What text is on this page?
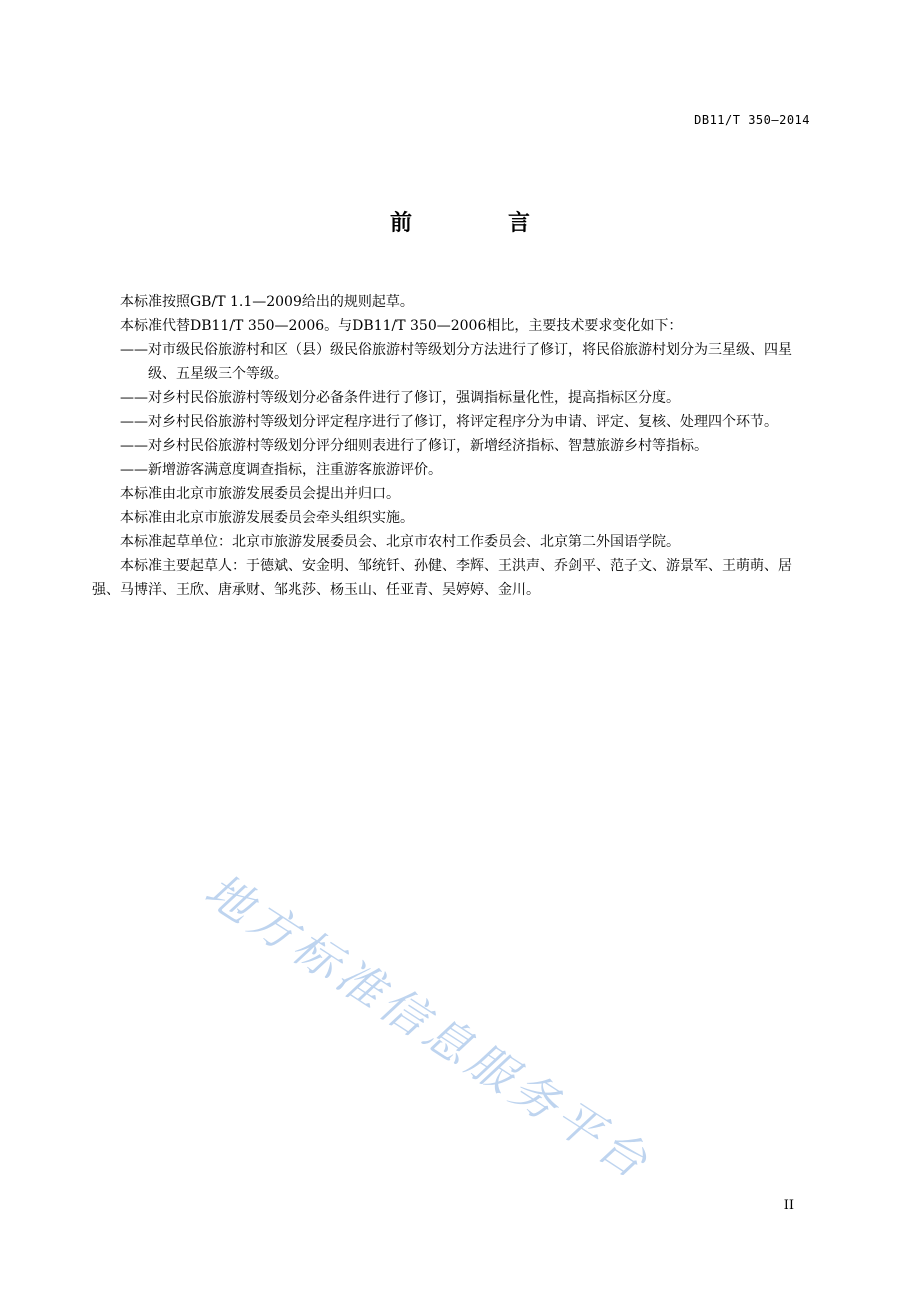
DB11/T 350—2014
前	言

本标准按照GB/T 1.1—2009给出的规则起草。

本标准代替DB11/T 350—2006。与DB11/T 350—2006相比，主要技术要求变化如下：

——对市级民俗旅游村和区（县）级民俗旅游村等级划分方法进行了修订，将民俗旅游村划分为三星级、四星级、五星级三个等级。
——对乡村民俗旅游村等级划分必备条件进行了修订，强调指标量化性，提高指标区分度。
——对乡村民俗旅游村等级划分评定程序进行了修订，将评定程序分为申请、评定、复核、处理四个环节。
——对乡村民俗旅游村等级划分评分细则表进行了修订，新增经济指标、智慧旅游乡村等指标。
——新增游客满意度调查指标，注重游客旅游评价。

本标准由北京市旅游发展委员会提出并归口。

本标准由北京市旅游发展委员会牵头组织实施。

本标准起草单位：北京市旅游发展委员会、北京市农村工作委员会、北京第二外国语学院。

本标准主要起草人：于德斌、安金明、邹统钎、孙健、李辉、王洪声、乔剑平、范子文、游景军、王萌萌、居强、马博洋、王欣、唐承财、邹兆莎、杨玉山、任亚青、吴婷婷、金川。

地方标准信息服务平台
II
